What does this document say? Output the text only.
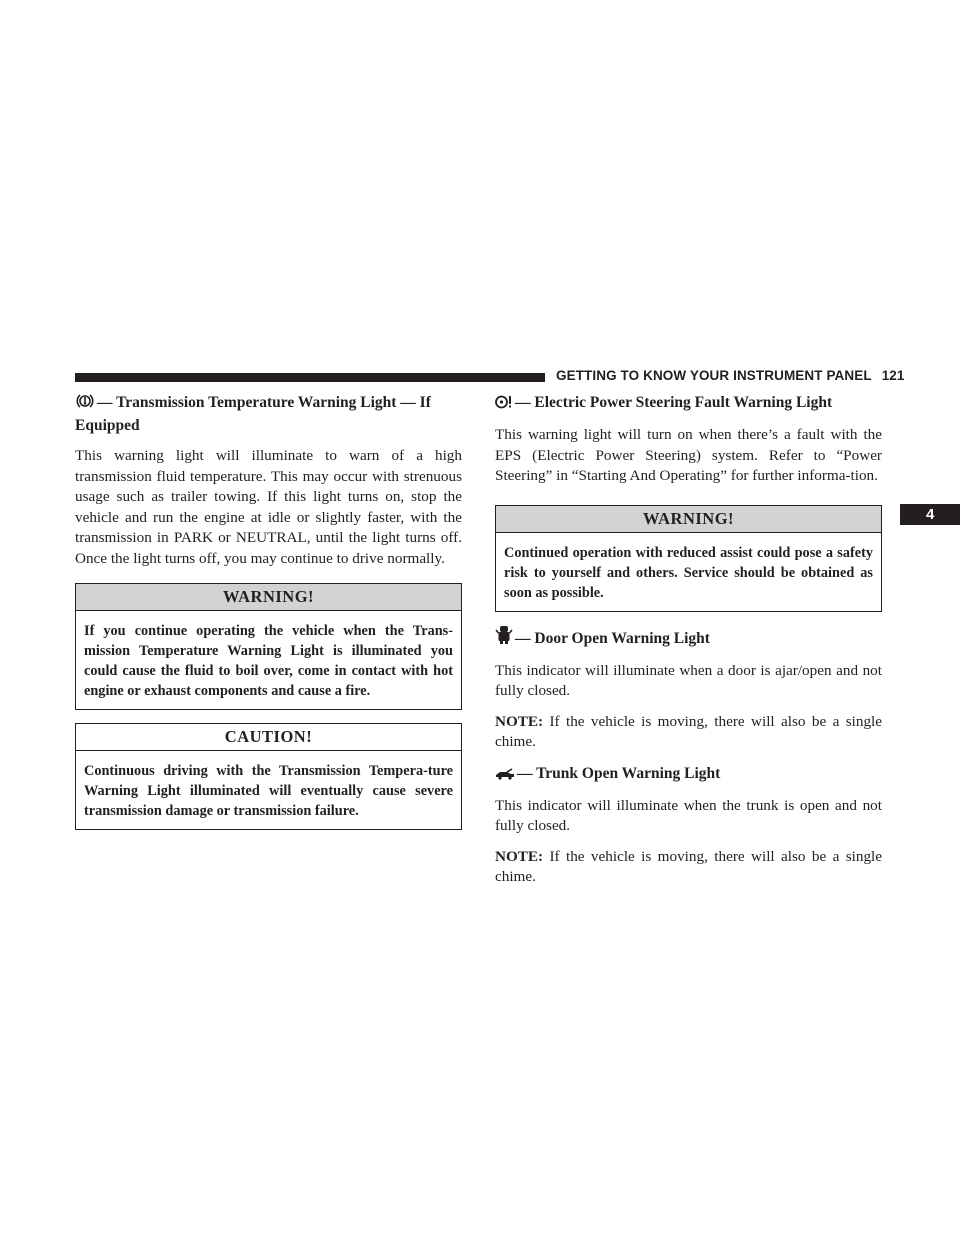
GETTING TO KNOW YOUR INSTRUMENT PANEL 121
4
— Transmission Temperature Warning Light — If Equipped

This warning light will illuminate to warn of a high transmission fluid temperature. This may occur with strenuous usage such as trailer towing. If this light turns on, stop the vehicle and run the engine at idle or slightly faster, with the transmission in PARK or NEUTRAL, until the light turns off. Once the light turns off, you may continue to drive normally.

WARNING!
If you continue operating the vehicle when the Trans-mission Temperature Warning Light is illuminated you could cause the fluid to boil over, come in contact with hot engine or exhaust components and cause a fire.
CAUTION!
Continuous driving with the Transmission Tempera-ture Warning Light illuminated will eventually cause severe transmission damage or transmission failure.
— Electric Power Steering Fault Warning Light

This warning light will turn on when there’s a fault with the EPS (Electric Power Steering) system. Refer to “Power Steering” in “Starting And Operating” for further informa-tion.

WARNING!
Continued operation with reduced assist could pose a safety risk to yourself and others. Service should be obtained as soon as possible.
— Door Open Warning Light

This indicator will illuminate when a door is ajar/open and not fully closed.

NOTE: If the vehicle is moving, there will also be a single chime.

— Trunk Open Warning Light

This indicator will illuminate when the trunk is open and not fully closed.

NOTE: If the vehicle is moving, there will also be a single chime.
